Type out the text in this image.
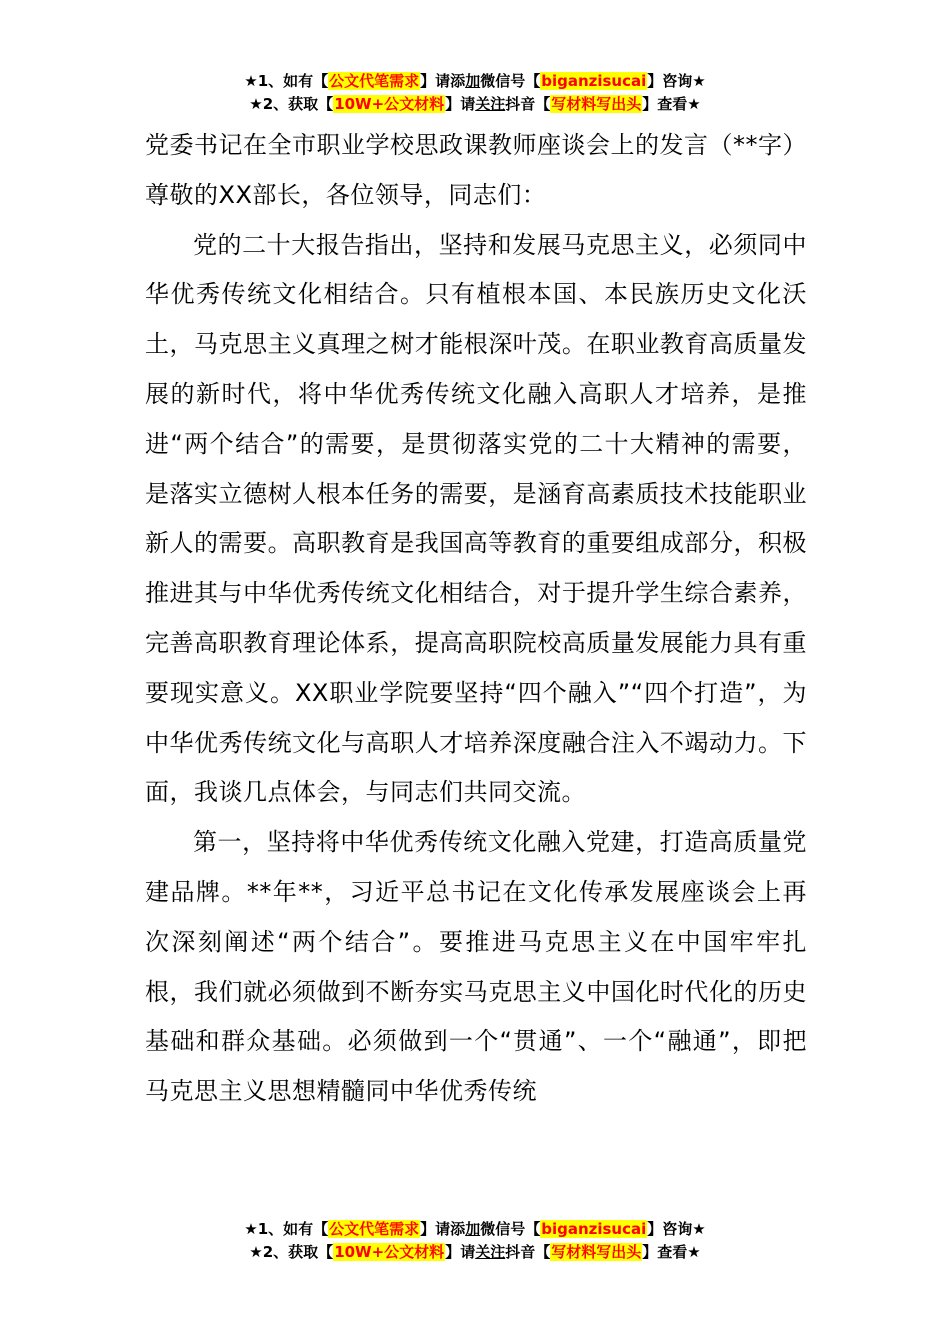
★1、如有【公文代笔需求】请添加微信号【biganzisucai】咨询★
★2、获取【10W+公文材料】请关注抖音【写材料写出头】查看★

党委书记在全市职业学校思政课教师座谈会上的发言（**字）

尊敬的XX部长，各位领导，同志们：

党的二十大报告指出，坚持和发展马克思主义，必须同中华优秀传统文化相结合。只有植根本国、本民族历史文化沃土，马克思主义真理之树才能根深叶茂。在职业教育高质量发展的新时代，将中华优秀传统文化融入高职人才培养，是推进“两个结合”的需要，是贯彻落实党的二十大精神的需要，是落实立德树人根本任务的需要，是涵育高素质技术技能职业新人的需要。高职教育是我国高等教育的重要组成部分，积极推进其与中华优秀传统文化相结合，对于提升学生综合素养，完善高职教育理论体系，提高高职院校高质量发展能力具有重要现实意义。XX职业学院要坚持“四个融入”“四个打造”，为中华优秀传统文化与高职人才培养深度融合注入不竭动力。下面，我谈几点体会，与同志们共同交流。

第一，坚持将中华优秀传统文化融入党建，打造高质量党建品牌。**年**，习近平总书记在文化传承发展座谈会上再次深刻阐述“两个结合”。要推进马克思主义在中国牢牢扎根，我们就必须做到不断夯实马克思主义中国化时代化的历史基础和群众基础。必须做到一个“贯通”、一个“融通”，即把马克思主义思想精髓同中华优秀传统

★1、如有【公文代笔需求】请添加微信号【biganzisucai】咨询★
★2、获取【10W+公文材料】请关注抖音【写材料写出头】查看★
